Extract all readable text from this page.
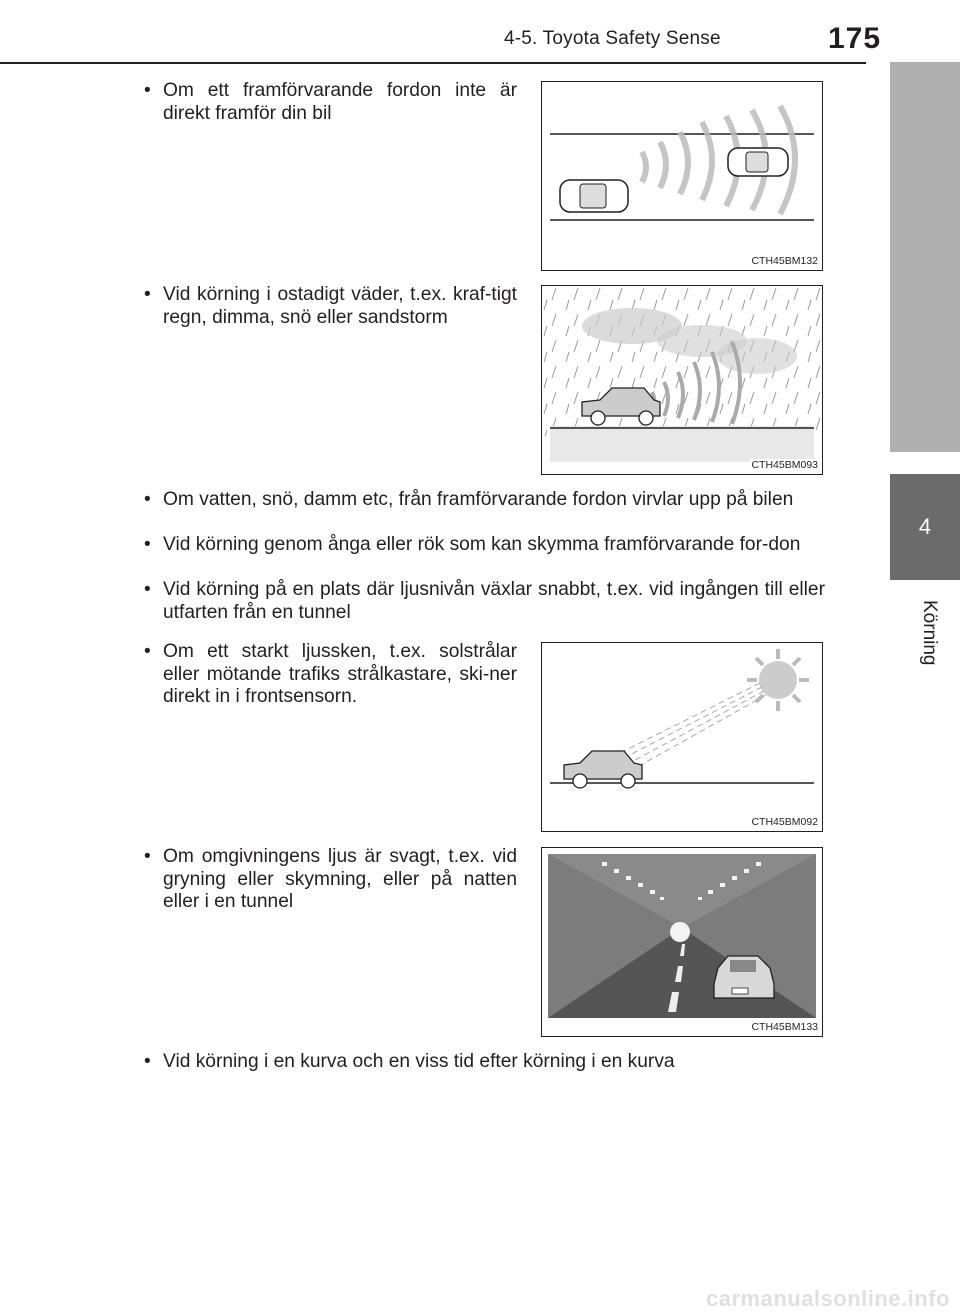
4-5. Toyota Safety Sense	175
4
Körning
• Om ett framförvarande fordon inte är direkt framför din bil
CTH45BM132
• Vid körning i ostadigt väder, t.ex. kraf-tigt regn, dimma, snö eller sandstorm
CTH45BM093
• Om vatten, snö, damm etc, från framförvarande fordon virvlar upp på bilen
• Vid körning genom ånga eller rök som kan skymma framförvarande for-don
• Vid körning på en plats där ljusnivån växlar snabbt, t.ex. vid ingången till eller utfarten från en tunnel
• Om ett starkt ljussken, t.ex. solstrålar eller mötande trafiks strålkastare, ski-ner direkt in i frontsensorn.
CTH45BM092
• Om omgivningens ljus är svagt, t.ex. vid gryning eller skymning, eller på natten eller i en tunnel
CTH45BM133
• Vid körning i en kurva och en viss tid efter körning i en kurva
carmanualsonline.info
